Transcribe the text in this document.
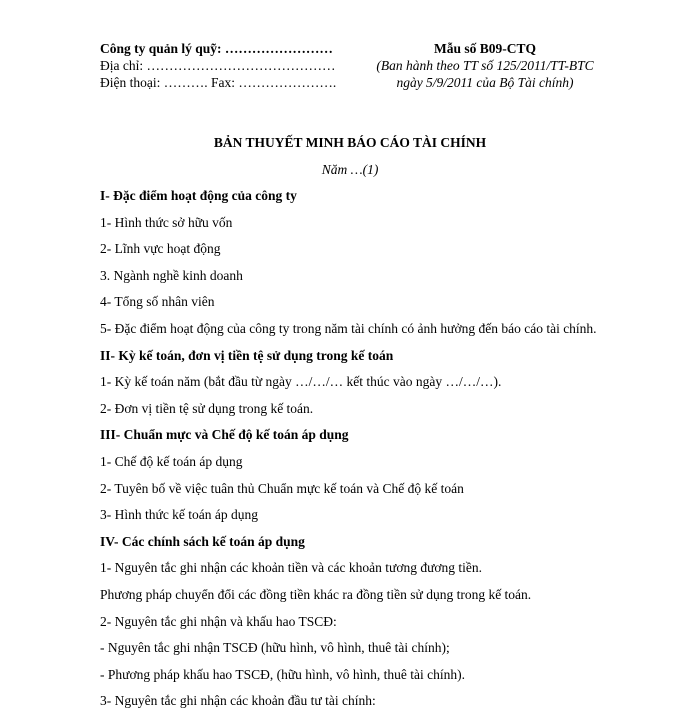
Công ty quản lý quỹ: ……………………
Địa chỉ: ……………………………………
Điện thoại: ………. Fax: ………………….
Mẫu số B09-CTQ
(Ban hành theo TT số 125/2011/TT-BTC
ngày 5/9/2011 của Bộ Tài chính)
BẢN THUYẾT MINH BÁO CÁO TÀI CHÍNH
Năm …(1)
I- Đặc điểm hoạt động của công ty
1- Hình thức sở hữu vốn
2- Lĩnh vực hoạt động
3. Ngành nghề kinh doanh
4- Tổng số nhân viên
5- Đặc điểm hoạt động của công ty trong năm tài chính có ảnh hưởng đến báo cáo tài chính.
II- Kỳ kế toán, đơn vị tiền tệ sử dụng trong kế toán
1- Kỳ kế toán năm (bắt đầu từ ngày …/…/… kết thúc vào ngày …/…/…).
2- Đơn vị tiền tệ sử dụng trong kế toán.
III- Chuẩn mực và Chế độ kế toán áp dụng
1- Chế độ kế toán áp dụng
2- Tuyên bố về việc tuân thủ Chuẩn mực kế toán và Chế độ kế toán
3- Hình thức kế toán áp dụng
IV- Các chính sách kế toán áp dụng
1- Nguyên tắc ghi nhận các khoản tiền và các khoản tương đương tiền.
Phương pháp chuyển đổi các đồng tiền khác ra đồng tiền sử dụng trong kế toán.
2- Nguyên tắc ghi nhận và khấu hao TSCĐ:
- Nguyên tắc ghi nhận TSCĐ (hữu hình, vô hình, thuê tài chính);
- Phương pháp khấu hao TSCĐ, (hữu hình, vô hình, thuê tài chính).
3- Nguyên tắc ghi nhận các khoản đầu tư tài chính:
